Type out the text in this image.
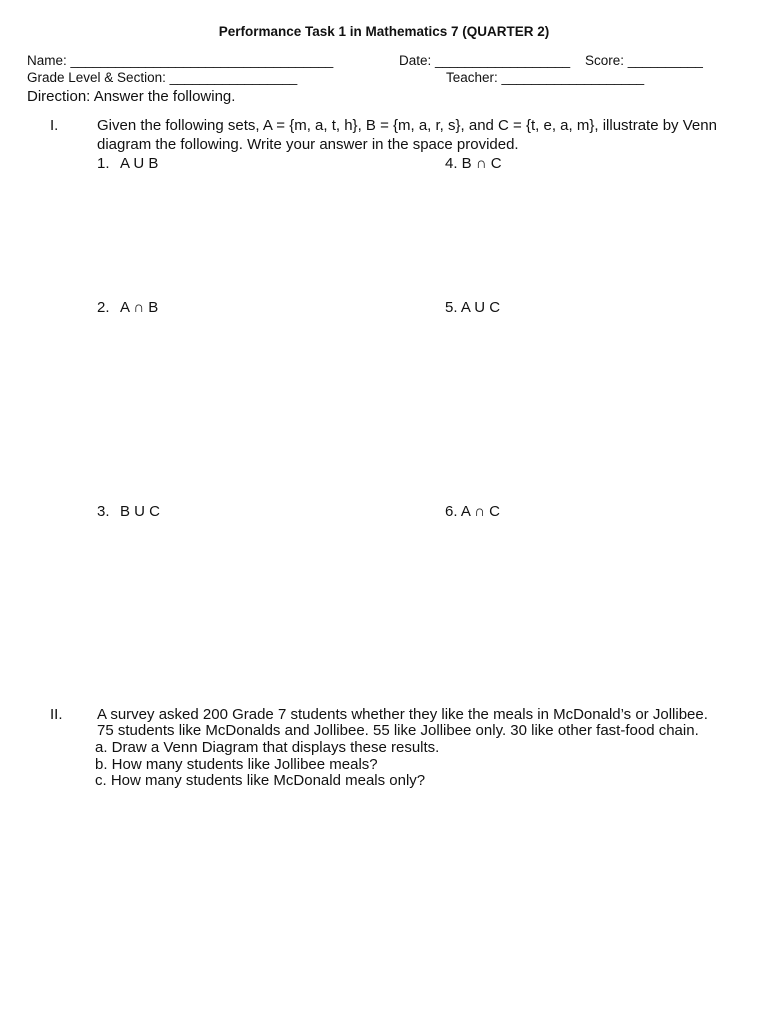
Performance Task 1 in Mathematics 7 (QUARTER 2)
Name: ___________________________________	Date: __________________ Score: __________
Grade Level & Section: _________________	Teacher: ___________________
Direction: Answer the following.
I.	Given the following sets, A = {m, a, t, h}, B = {m, a, r, s}, and C = {t, e, a, m}, illustrate by Venn
diagram the following. Write your answer in the space provided.
1. A U B	4. B ∩ C
2. A ∩ B	5. A U C
3. B U C	6. A ∩ C
II. A survey asked 200 Grade 7 students whether they like the meals in McDonald’s or Jollibee.
75 students like McDonalds and Jollibee. 55 like Jollibee only. 30 like other fast-food chain.
a. Draw a Venn Diagram that displays these results.
b. How many students like Jollibee meals?
c. How many students like McDonald meals only?
